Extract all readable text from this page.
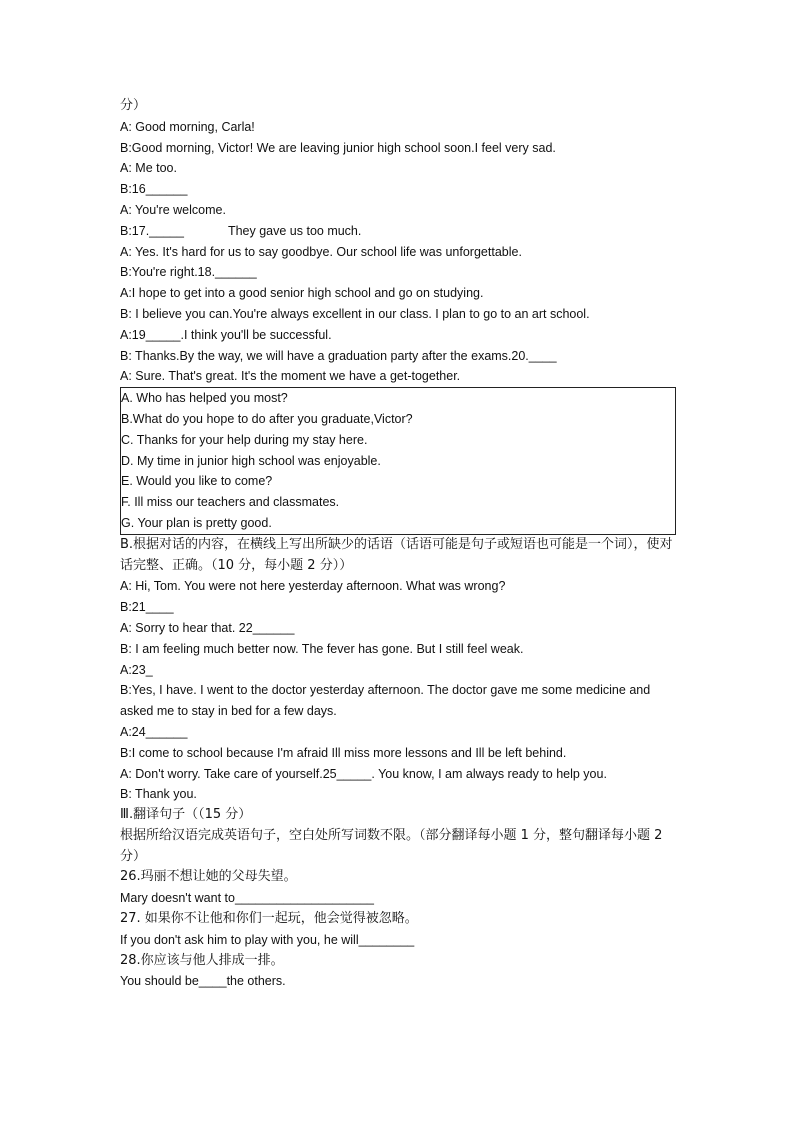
分）
A: Good morning, Carla!
B:Good morning, Victor! We are leaving junior high school soon.I feel very sad.
A: Me too.
B:16______
A: You're welcome.
B:17._____	They gave us too much.
A: Yes. It's hard for us to say goodbye. Our school life was unforgettable.
B:You're right.18.______
A:I hope to get into a good senior high school and go on studying.
B: I believe you can.You're always excellent in our class. I plan to go to an art school.
A:19_____.I think you'll be successful.
B: Thanks.By the way, we will have a graduation party after the exams.20.____
A: Sure. That's great. It's the moment we have a get-together.
A. Who has helped you most?
B.What do you hope to do after you graduate,Victor?
C. Thanks for your help during my stay here.
D. My time in junior high school was enjoyable.
E. Would you like to come?
F. Ill miss our teachers and classmates.
G. Your plan is pretty good.
B.根据对话的内容，在横线上写出所缺少的话语（话语可能是句子或短语也可能是一个词），使对话完整、正确。（10 分，每小题 2 分））
A: Hi, Tom. You were not here yesterday afternoon. What was wrong?
B:21____
A: Sorry to hear that. 22______
B: I am feeling much better now. The fever has gone. But I still feel weak.
A:23_
B:Yes, I have. I went to the doctor yesterday afternoon. The doctor gave me some medicine and asked me to stay in bed for a few days.
A:24______
B:I come to school because I'm afraid Ill miss more lessons and Ill be left behind.
A: Don't worry. Take care of yourself.25_____. You know, I am always ready to help you.
B: Thank you.
Ⅲ.翻译句子（（15 分）
根据所给汉语完成英语句子，空白处所写词数不限。（部分翻译每小题 1 分，整句翻译每小题 2 分）
26.玛丽不想让她的父母失望。
Mary doesn't want to____________________
27. 如果你不让他和你们一起玩，他会觉得被忽略。
If you don't ask him to play with you, he will________
28.你应该与他人排成一排。
You should be____the others.
